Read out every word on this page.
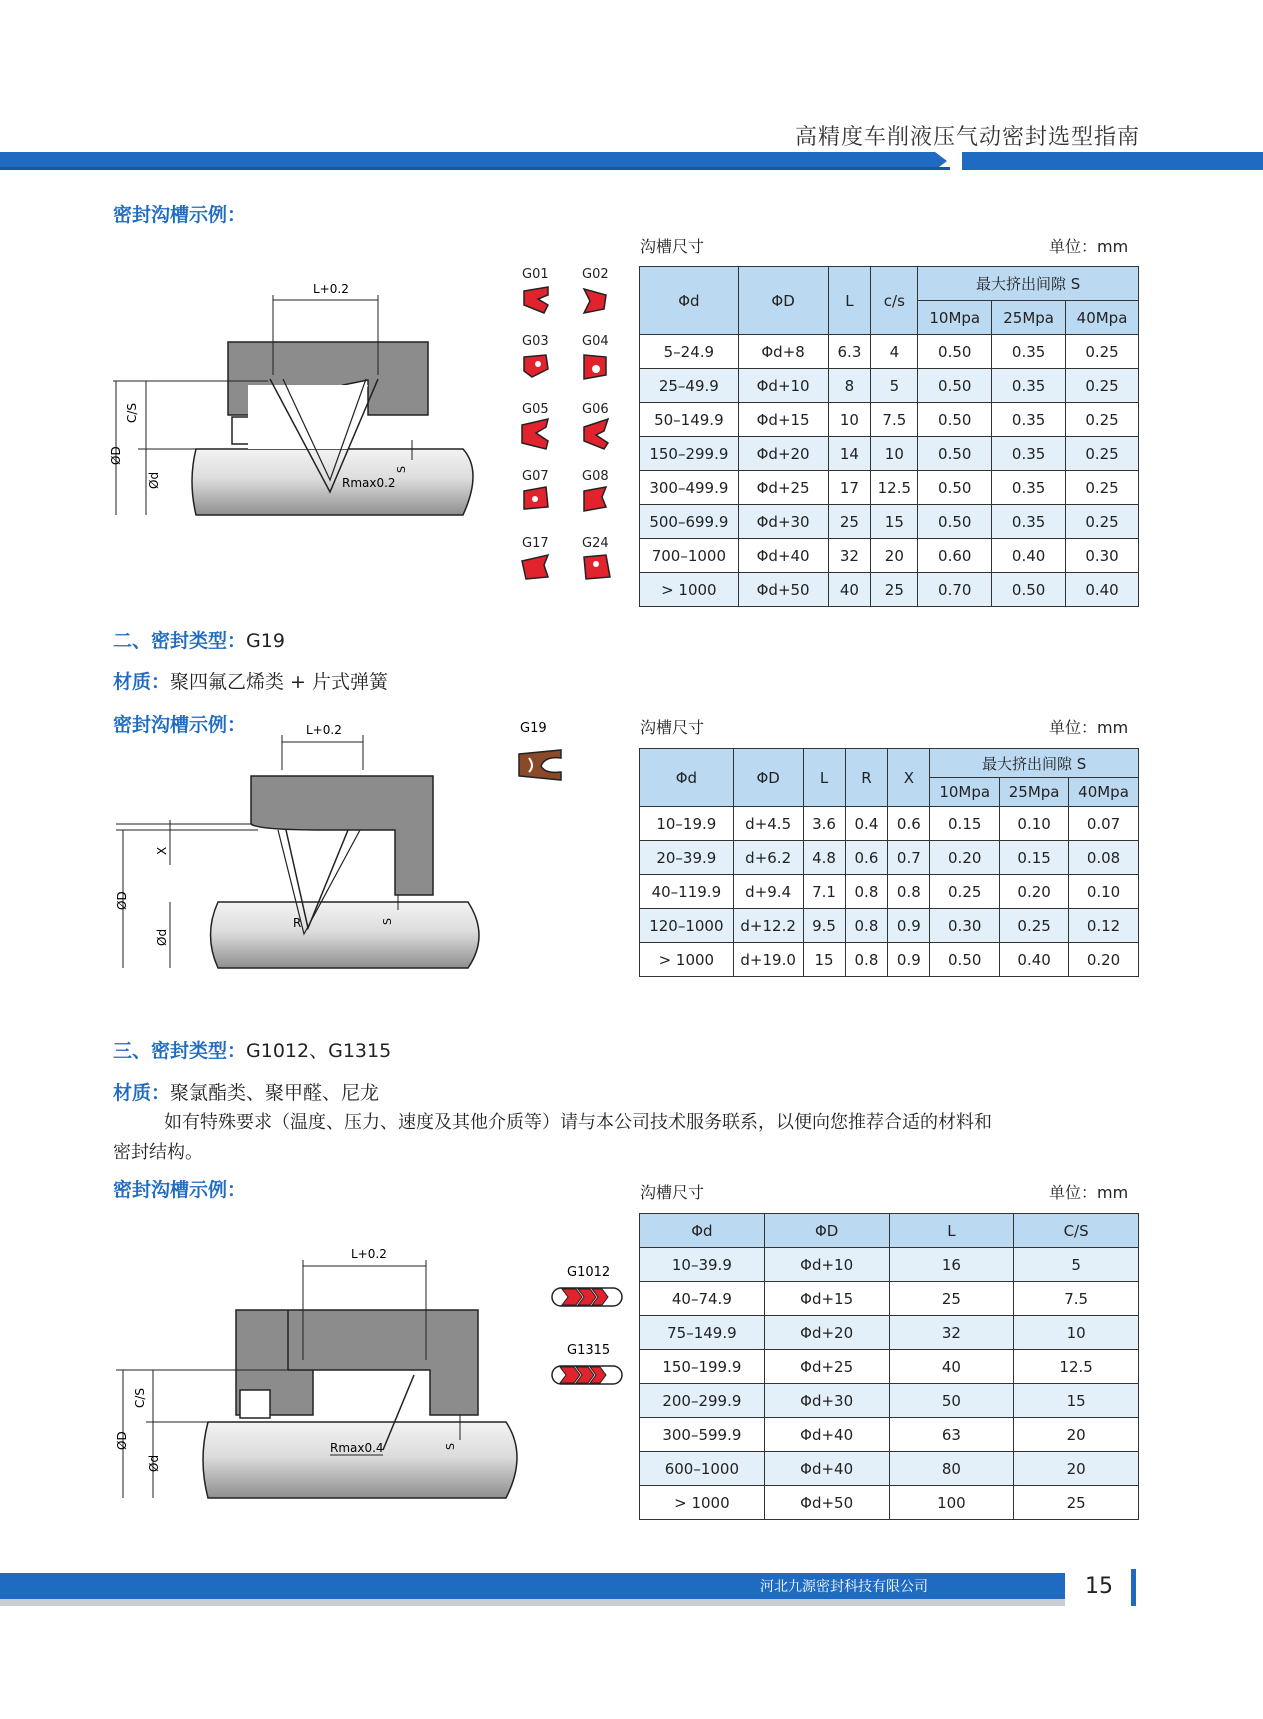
高精度车削液压气动密封选型指南
密封沟槽示例：
沟槽尺寸	单位：mm
L+0.2
C/S
ØD
Ød
S
Rmax0.2
G01	G02
G03	G04
G05	G06
G07	G08
G17	G24
Φd	ΦD	L	c/s	最大挤出间隙 S		
				10Mpa	25Mpa	40Mpa
5–24.9	Φd+8	6.3	4	0.50	0.35	0.25
25–49.9	Φd+10	8	5	0.50	0.35	0.25
50–149.9	Φd+15	10	7.5	0.50	0.35	0.25
150–299.9	Φd+20	14	10	0.50	0.35	0.25
300–499.9	Φd+25	17	12.5	0.50	0.35	0.25
500–699.9	Φd+30	25	15	0.50	0.35	0.25
700–1000	Φd+40	32	20	0.60	0.40	0.30
> 1000	Φd+50	40	25	0.70	0.50	0.40
二、密封类型：G19
材质：聚四氟乙烯类 + 片式弹簧
密封沟槽示例：	沟槽尺寸	单位：mm
L+0.2
X
ØD
Ød
S
R
G19
Φd	ΦD	L	R	X	最大挤出间隙 S		
					10Mpa	25Mpa	40Mpa
10–19.9	d+4.5	3.6	0.4	0.6	0.15	0.10	0.07
20–39.9	d+6.2	4.8	0.6	0.7	0.20	0.15	0.08
40–119.9	d+9.4	7.1	0.8	0.8	0.25	0.20	0.10
120–1000	d+12.2	9.5	0.8	0.9	0.30	0.25	0.12
> 1000	d+19.0	15	0.8	0.9	0.50	0.40	0.20
三、密封类型：G1012、G1315
材质：聚氯酯类、聚甲醛、尼龙
如有特殊要求（温度、压力、速度及其他介质等）请与本公司技术服务联系，以便向您推荐合适的材料和
密封结构。
密封沟槽示例：	沟槽尺寸	单位：mm
L+0.2
C/S
ØD
Ød
S
Rmax0.4
G1012
G1315
Φd	ΦD	L	C/S
10–39.9	Φd+10	16	5
40–74.9	Φd+15	25	7.5
75–149.9	Φd+20	32	10
150–199.9	Φd+25	40	12.5
200–299.9	Φd+30	50	15
300–599.9	Φd+40	63	20
600–1000	Φd+40	80	20
> 1000	Φd+50	100	25
河北九源密封科技有限公司	15
